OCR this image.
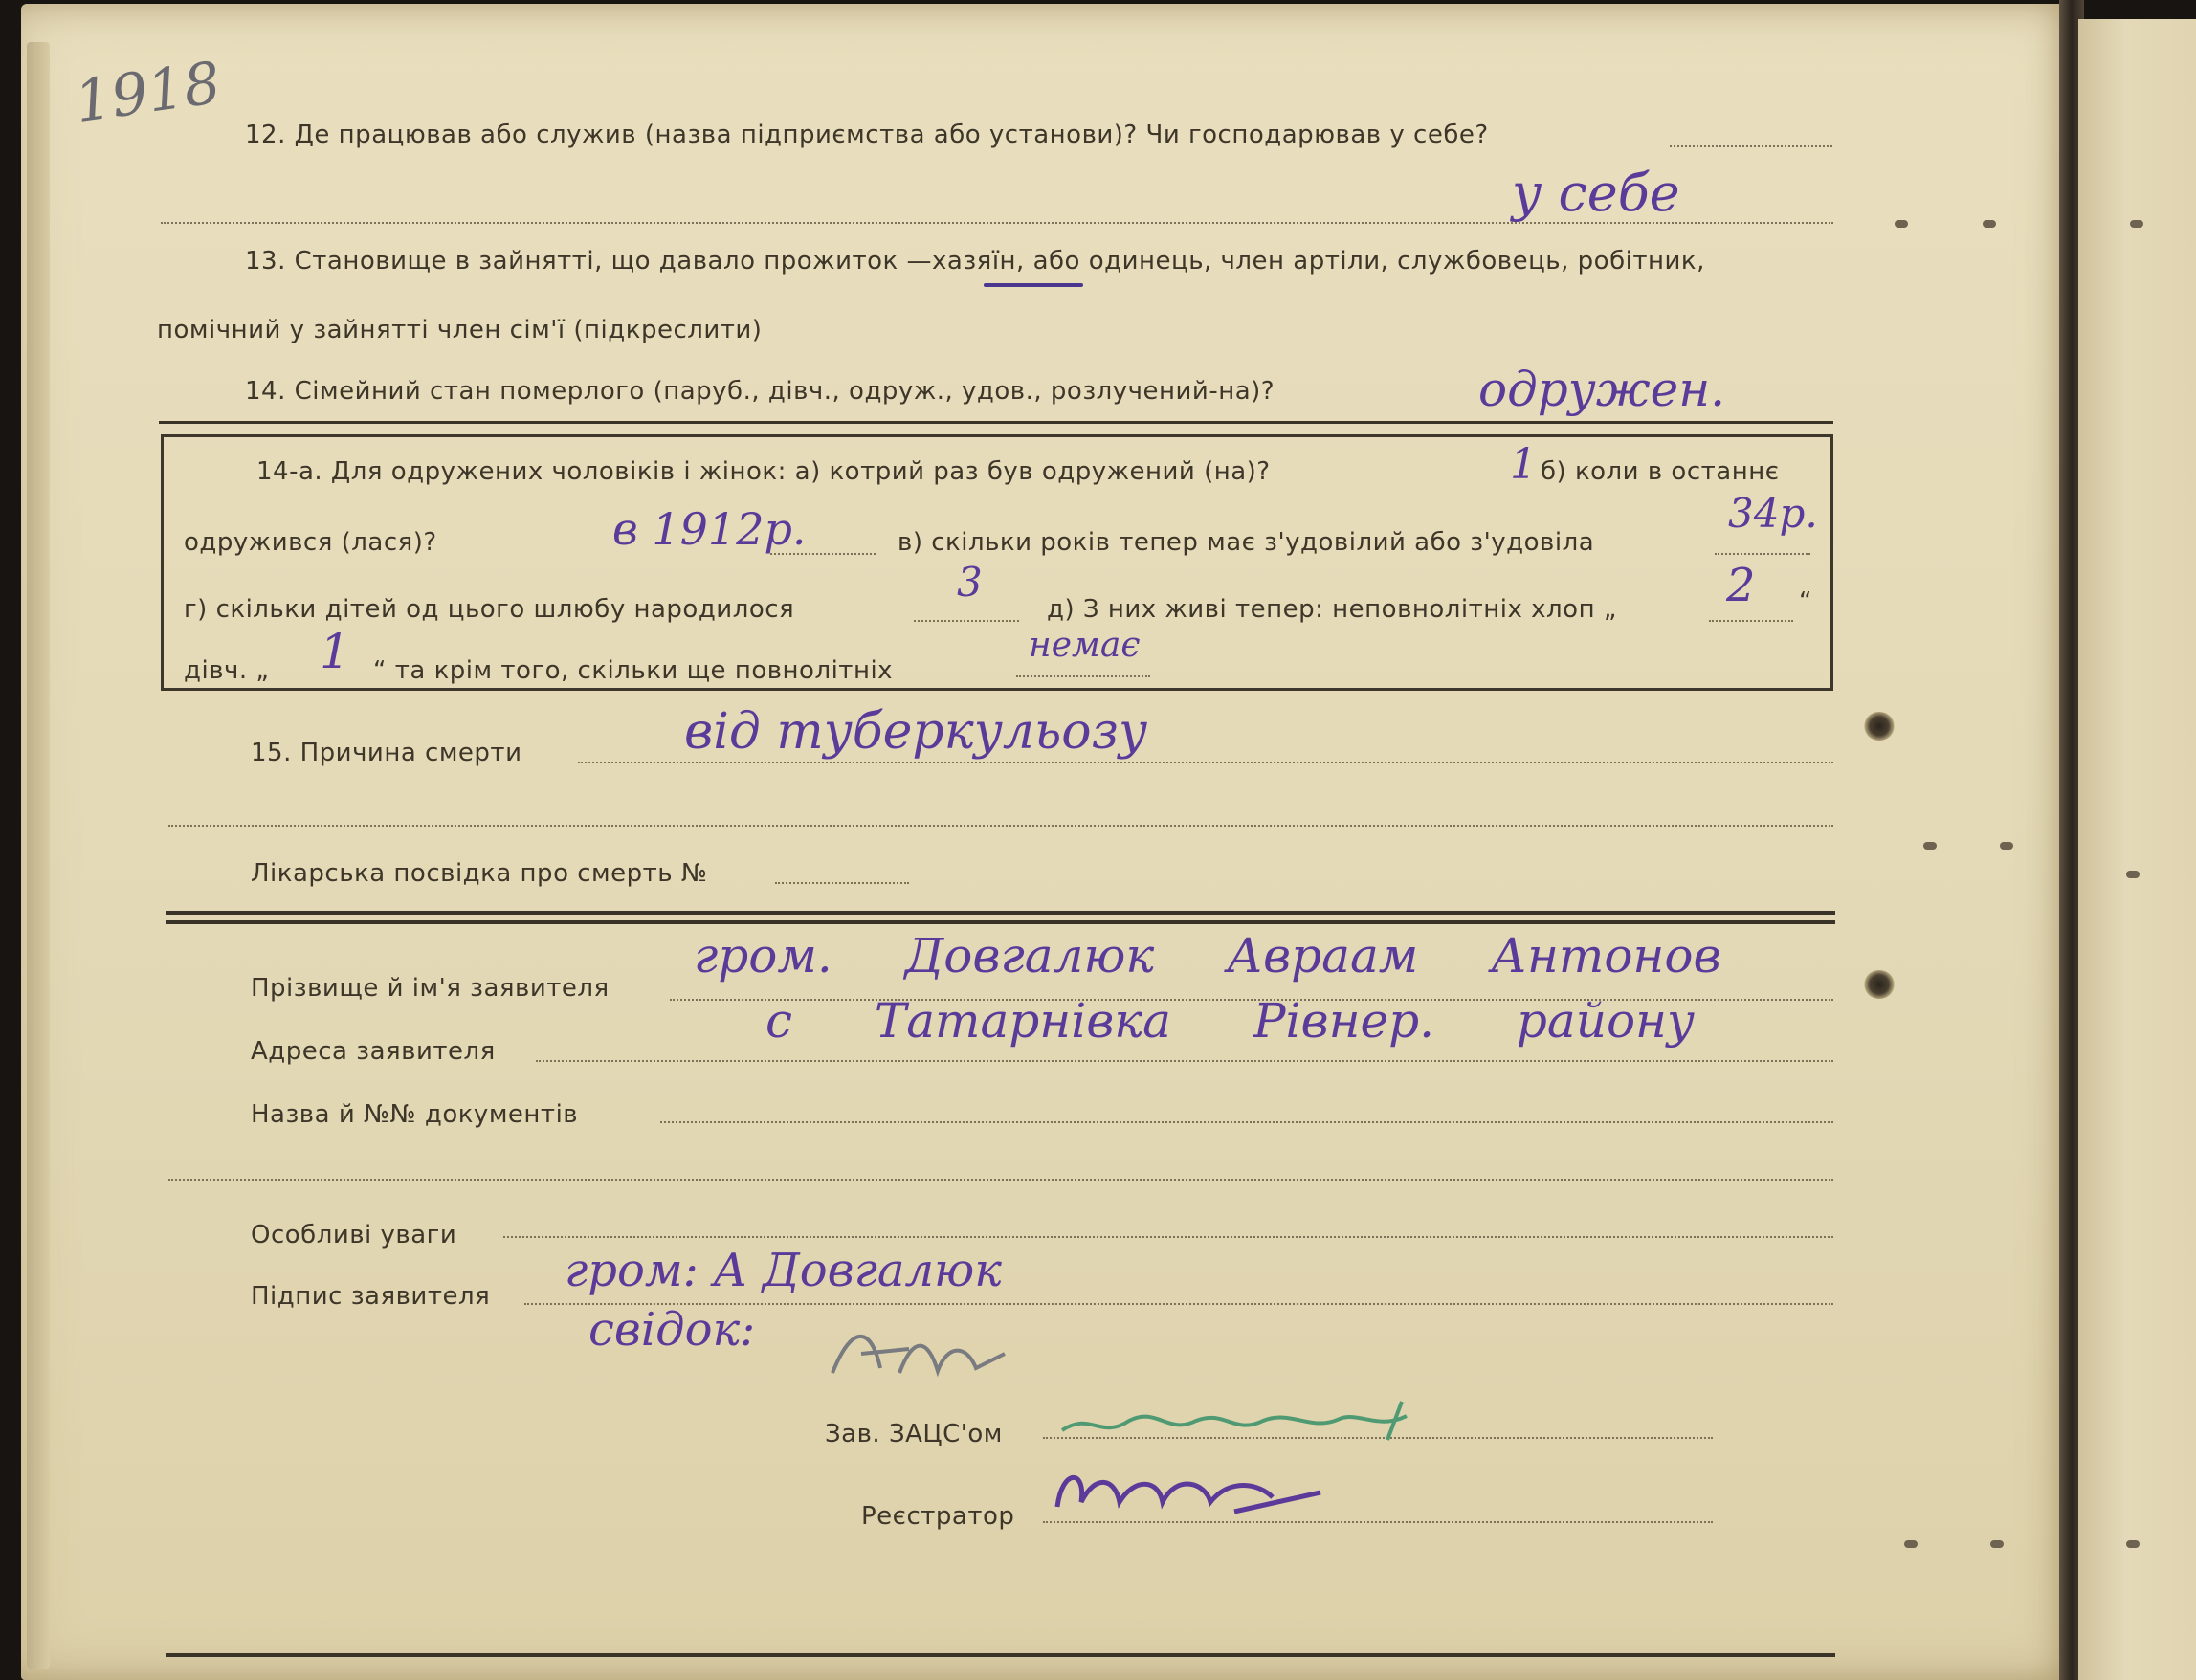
1918 12. Де працював або служив (назва підприємства або установи)? Чи господарював у себе?
у себе
13. Становище в зайнятті, що давало прожиток —хазяїн, або одинець, член артіли, службовець, робітник,
помічний у зайнятті член сім'ї (підкреслити)
14. Сімейний стан померлого (паруб., дівч., одруж., удов., розлучений-на)?	одружен.
14-а. Для одружених чоловіків і жінок: а) котрий раз був одружений (на)?	1 б) коли в останнє
одружився (лася)?	в 1912р.	в) скільки років тепер має з'удовілий або з'удовіла
34р.
г) скільки дітей од цього шлюбу народилося
3
д) З них живі тепер: неповнолітніх хлоп „ 2 “
дівч. „ 1 “ та крім того, скільки ще повнолітніх
немає
15. Причина смерти	від туберкульозу
Лікарська посвідка про смерть №
Прізвище й ім'я заявителя
гром. Довгалюк Авраам Антонов
Адреса заявителя
с Татарнівка Рівнер. району
Назва й №№ документів
Особливі уваги
Підпис заявителя гром: А Довгалюк
свідок:
Зав. ЗАЦС'ом
Реєстратор
